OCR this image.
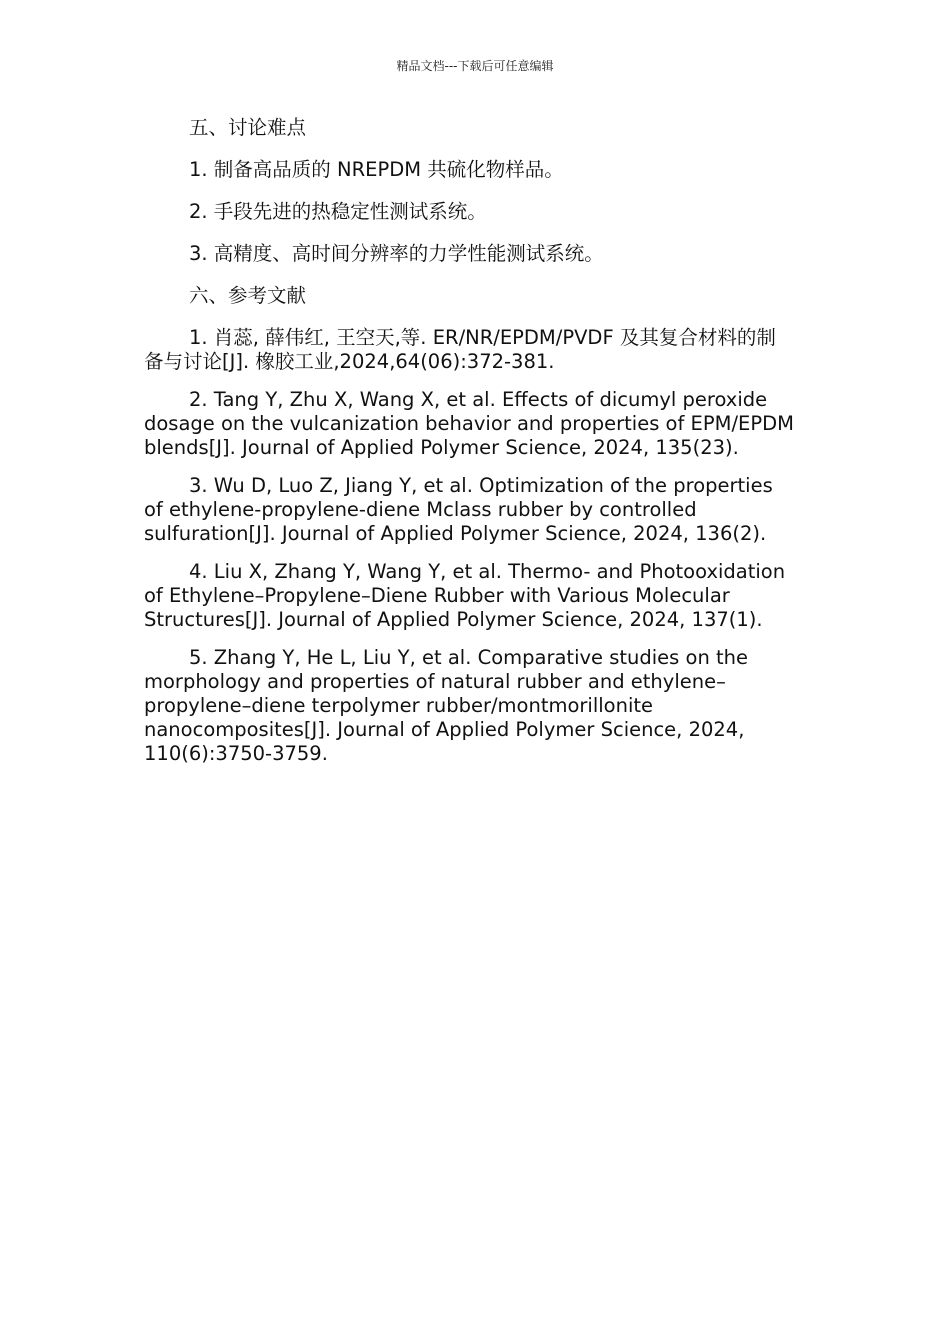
精品文档---下载后可任意编辑

五、讨论难点

1. 制备高品质的 NREPDM 共硫化物样品。

2. 手段先进的热稳定性测试系统。

3. 高精度、高时间分辨率的力学性能测试系统。

六、参考文献

1. 肖蕊, 薛伟红, 王空天,等. ER/NR/EPDM/PVDF 及其复合材料的制备与讨论[J]. 橡胶工业,2024,64(06):372-381.

2. Tang Y, Zhu X, Wang X, et al. Effects of dicumyl peroxide dosage on the vulcanization behavior and properties of EPM/EPDM blends[J]. Journal of Applied Polymer Science, 2024, 135(23).

3. Wu D, Luo Z, Jiang Y, et al. Optimization of the properties of ethylene-propylene-diene Mclass rubber by controlled sulfuration[J]. Journal of Applied Polymer Science, 2024, 136(2).

4. Liu X, Zhang Y, Wang Y, et al. Thermo- and Photooxidation of Ethylene–Propylene–Diene Rubber with Various Molecular Structures[J]. Journal of Applied Polymer Science, 2024, 137(1).

5. Zhang Y, He L, Liu Y, et al. Comparative studies on the morphology and properties of natural rubber and ethylene–propylene–diene terpolymer rubber/montmorillonite nanocomposites[J]. Journal of Applied Polymer Science, 2024, 110(6):3750-3759.
